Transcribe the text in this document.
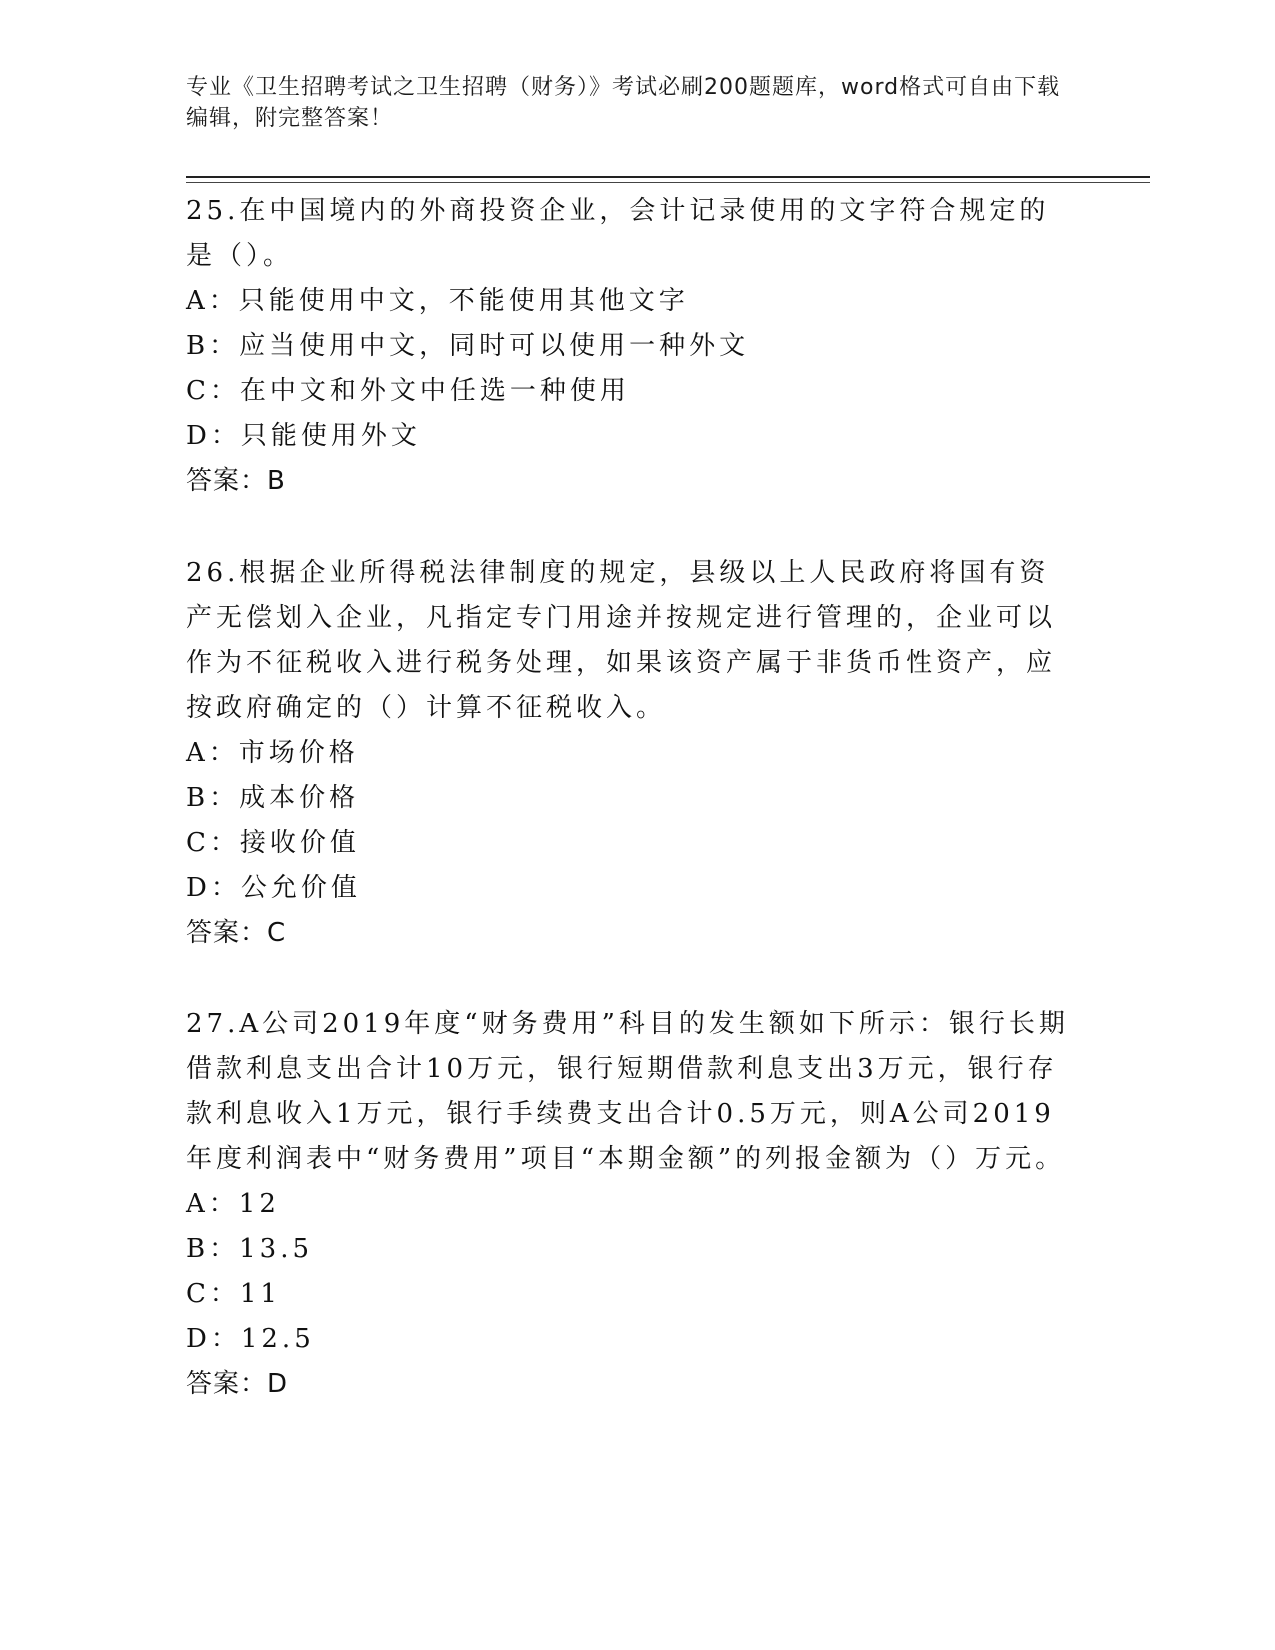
专业《卫生招聘考试之卫生招聘（财务）》考试必刷200题题库，word格式可自由下载编辑，附完整答案！

25.在中国境内的外商投资企业，会计记录使用的文字符合规定的是（）。

A：只能使用中文，不能使用其他文字

B：应当使用中文，同时可以使用一种外文

C：在中文和外文中任选一种使用

D：只能使用外文

答案：B

26.根据企业所得税法律制度的规定，县级以上人民政府将国有资产无偿划入企业，凡指定专门用途并按规定进行管理的，企业可以作为不征税收入进行税务处理，如果该资产属于非货币性资产，应按政府确定的（）计算不征税收入。

A：市场价格

B：成本价格

C：接收价值

D：公允价值

答案：C

27.A公司2019年度“财务费用”科目的发生额如下所示：银行长期借款利息支出合计10万元，银行短期借款利息支出3万元，银行存款利息收入1万元，银行手续费支出合计0.5万元，则A公司2019年度利润表中“财务费用”项目“本期金额”的列报金额为（）万元。

A：12

B：13.5

C：11

D：12.5

答案：D
